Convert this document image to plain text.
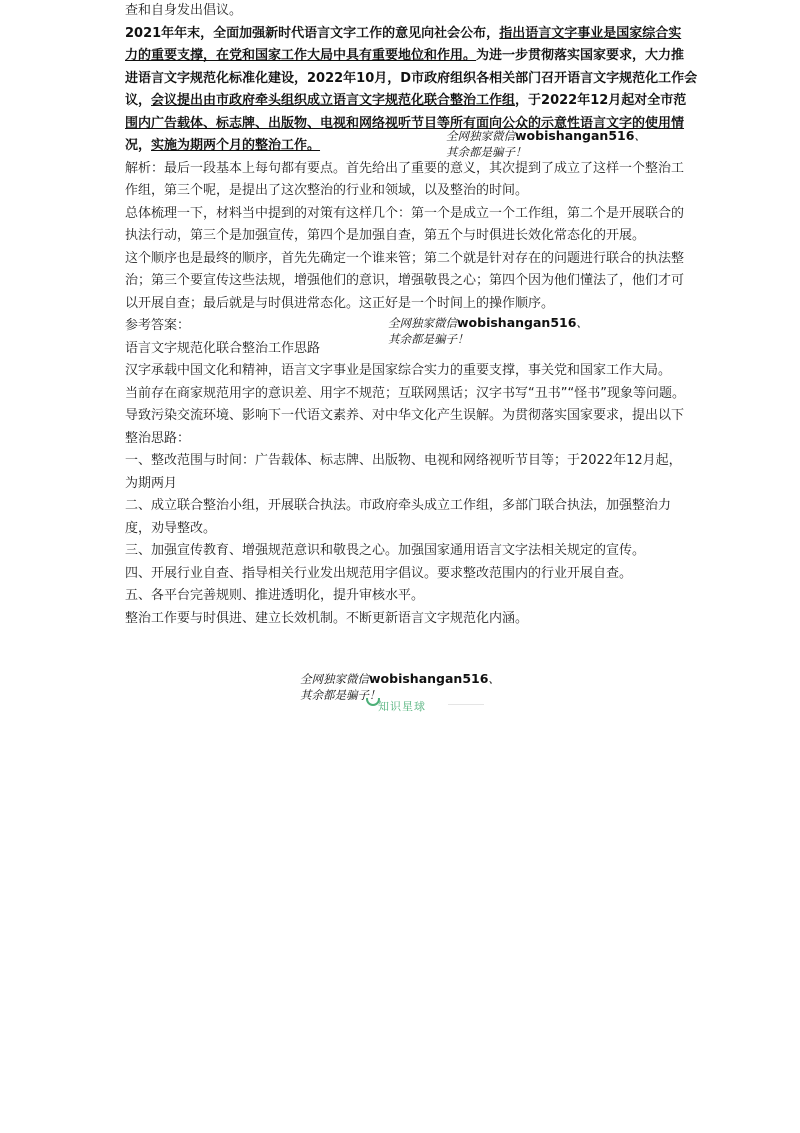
查和自身发出倡议。

2021年年末，全面加强新时代语言文字工作的意见向社会公布，指出语言文字事业是国家综合实

力的重要支撑，在党和国家工作大局中具有重要地位和作用。为进一步贯彻落实国家要求，大力推

进语言文字规范化标准化建设，2022年10月，D市政府组织各相关部门召开语言文字规范化工作会

议，会议提出由市政府牵头组织成立语言文字规范化联合整治工作组，于2022年12月起对全市范

围内广告载体、标志牌、出版物、电视和网络视听节目等所有面向公众的示意性语言文字的使用情

况，实施为期两个月的整治工作。

解析：最后一段基本上每句都有要点。首先给出了重要的意义，其次提到了成立了这样一个整治工

作组，第三个呢，是提出了这次整治的行业和领域，以及整治的时间。

总体梳理一下，材料当中提到的对策有这样几个：第一个是成立一个工作组，第二个是开展联合的

执法行动，第三个是加强宣传，第四个是加强自查，第五个与时俱进长效化常态化的开展。

这个顺序也是最终的顺序，首先先确定一个谁来管；第二个就是针对存在的问题进行联合的执法整

治；第三个要宣传这些法规，增强他们的意识，增强敬畏之心；第四个因为他们懂法了，他们才可

以开展自查；最后就是与时俱进常态化。这正好是一个时间上的操作顺序。

参考答案：

语言文字规范化联合整治工作思路

汉字承载中国文化和精神，语言文字事业是国家综合实力的重要支撑，事关党和国家工作大局。

当前存在商家规范用字的意识差、用字不规范；互联网黑话；汉字书写“丑书”“怪书”现象等问题。

导致污染交流环境、影响下一代语文素养、对中华文化产生误解。为贯彻落实国家要求，提出以下

整治思路：

一、整改范围与时间：广告载体、标志牌、出版物、电视和网络视听节目等；于2022年12月起，

为期两月

二、成立联合整治小组，开展联合执法。市政府牵头成立工作组，多部门联合执法，加强整治力

度，劝导整改。

三、加强宣传教育、增强规范意识和敬畏之心。加强国家通用语言文字法相关规定的宣传。

四、开展行业自查、指导相关行业发出规范用字倡议。要求整改范围内的行业开展自查。

五、各平台完善规则、推进透明化，提升审核水平。

整治工作要与时俱进、建立长效机制。不断更新语言文字规范化内涵。

全网独家微信wobishangan516、
其余都是骗子！
全网独家微信wobishangan516、
其余都是骗子！
全网独家微信wobishangan516、
其余都是骗子！
知识星球
